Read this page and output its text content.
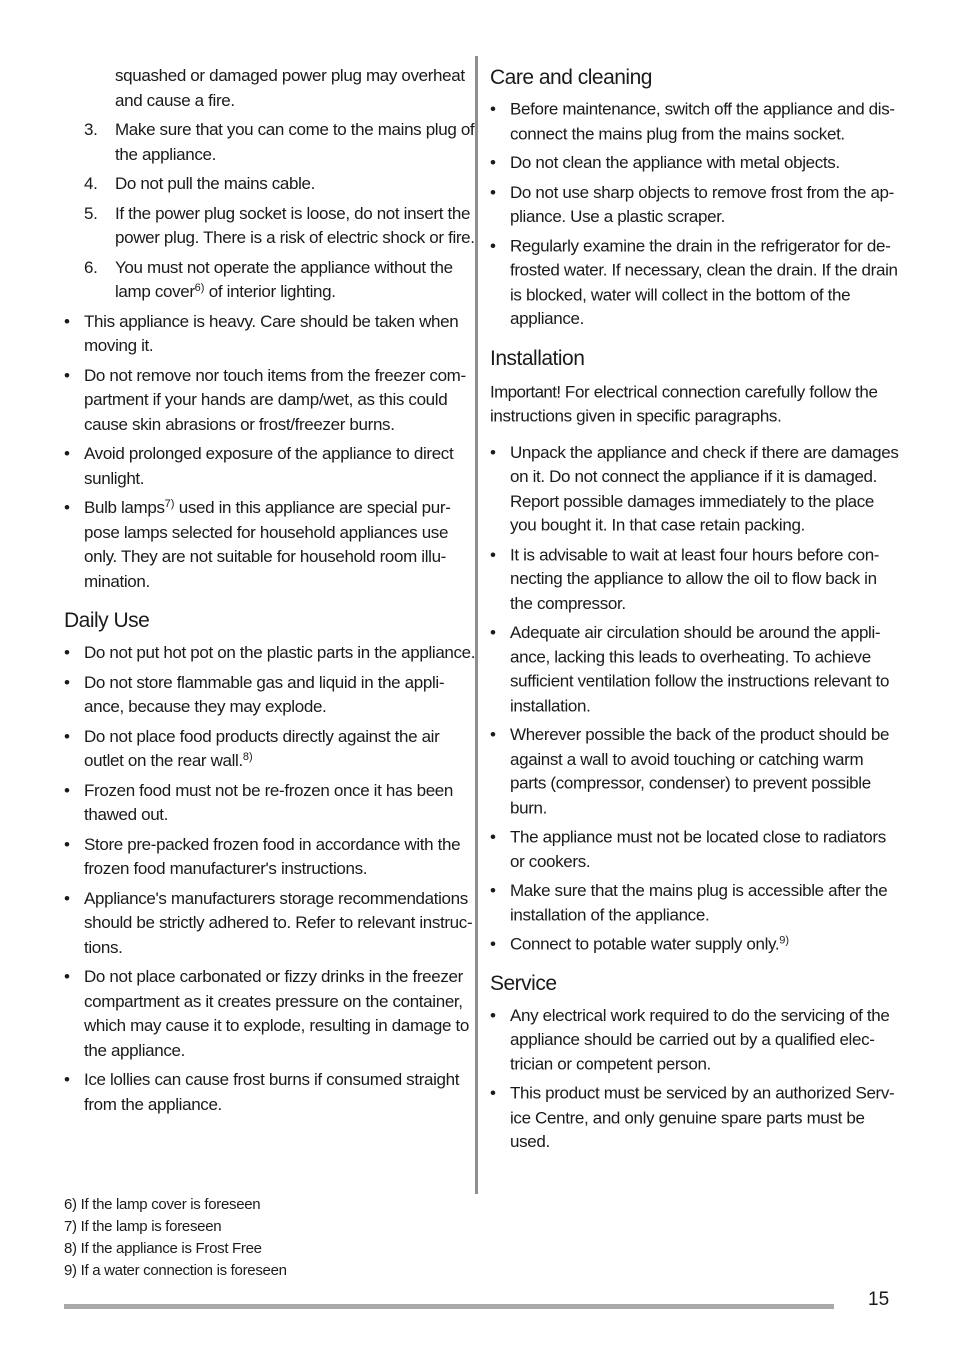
squashed or damaged power plug may overheat and cause a fire.
3. Make sure that you can come to the mains plug of the appliance.
4. Do not pull the mains cable.
5. If the power plug socket is loose, do not insert the power plug. There is a risk of electric shock or fire.
6. You must not operate the appliance without the lamp cover$^{6)}$ of interior lighting.
• This appliance is heavy. Care should be taken when moving it.
• Do not remove nor touch items from the freezer com-partment if your hands are damp/wet, as this could cause skin abrasions or frost/freezer burns.
• Avoid prolonged exposure of the appliance to direct sunlight.
• Bulb lamps$^{7)}$ used in this appliance are special pur-pose lamps selected for household appliances use only. They are not suitable for household room illu-mination.
Daily Use
• Do not put hot pot on the plastic parts in the appliance.
• Do not store flammable gas and liquid in the appli-ance, because they may explode.
• Do not place food products directly against the air outlet on the rear wall.$^{8)}$
• Frozen food must not be re-frozen once it has been thawed out.
• Store pre-packed frozen food in accordance with the frozen food manufacturer's instructions.
• Appliance's manufacturers storage recommendations should be strictly adhered to. Refer to relevant instruc-tions.
• Do not place carbonated or fizzy drinks in the freezer compartment as it creates pressure on the container, which may cause it to explode, resulting in damage to the appliance.
• Ice lollies can cause frost burns if consumed straight from the appliance.
Care and cleaning
• Before maintenance, switch off the appliance and dis-connect the mains plug from the mains socket.
• Do not clean the appliance with metal objects.
• Do not use sharp objects to remove frost from the ap-pliance. Use a plastic scraper.
• Regularly examine the drain in the refrigerator for de-frosted water. If necessary, clean the drain. If the drain is blocked, water will collect in the bottom of the appliance.
Installation
Important! For electrical connection carefully follow the instructions given in specific paragraphs.
• Unpack the appliance and check if there are damages on it. Do not connect the appliance if it is damaged. Report possible damages immediately to the place you bought it. In that case retain packing.
• It is advisable to wait at least four hours before con-necting the appliance to allow the oil to flow back in the compressor.
• Adequate air circulation should be around the appli-ance, lacking this leads to overheating. To achieve sufficient ventilation follow the instructions relevant to installation.
• Wherever possible the back of the product should be against a wall to avoid touching or catching warm parts (compressor, condenser) to prevent possible burn.
• The appliance must not be located close to radiators or cookers.
• Make sure that the mains plug is accessible after the installation of the appliance.
• Connect to potable water supply only.$^{9)}$
Service
• Any electrical work required to do the servicing of the appliance should be carried out by a qualified elec-trician or competent person.
• This product must be serviced by an authorized Serv-ice Centre, and only genuine spare parts must be used.
6) If the lamp cover is foreseen
7) If the lamp is foreseen
8) If the appliance is Frost Free
9) If a water connection is foreseen
15
